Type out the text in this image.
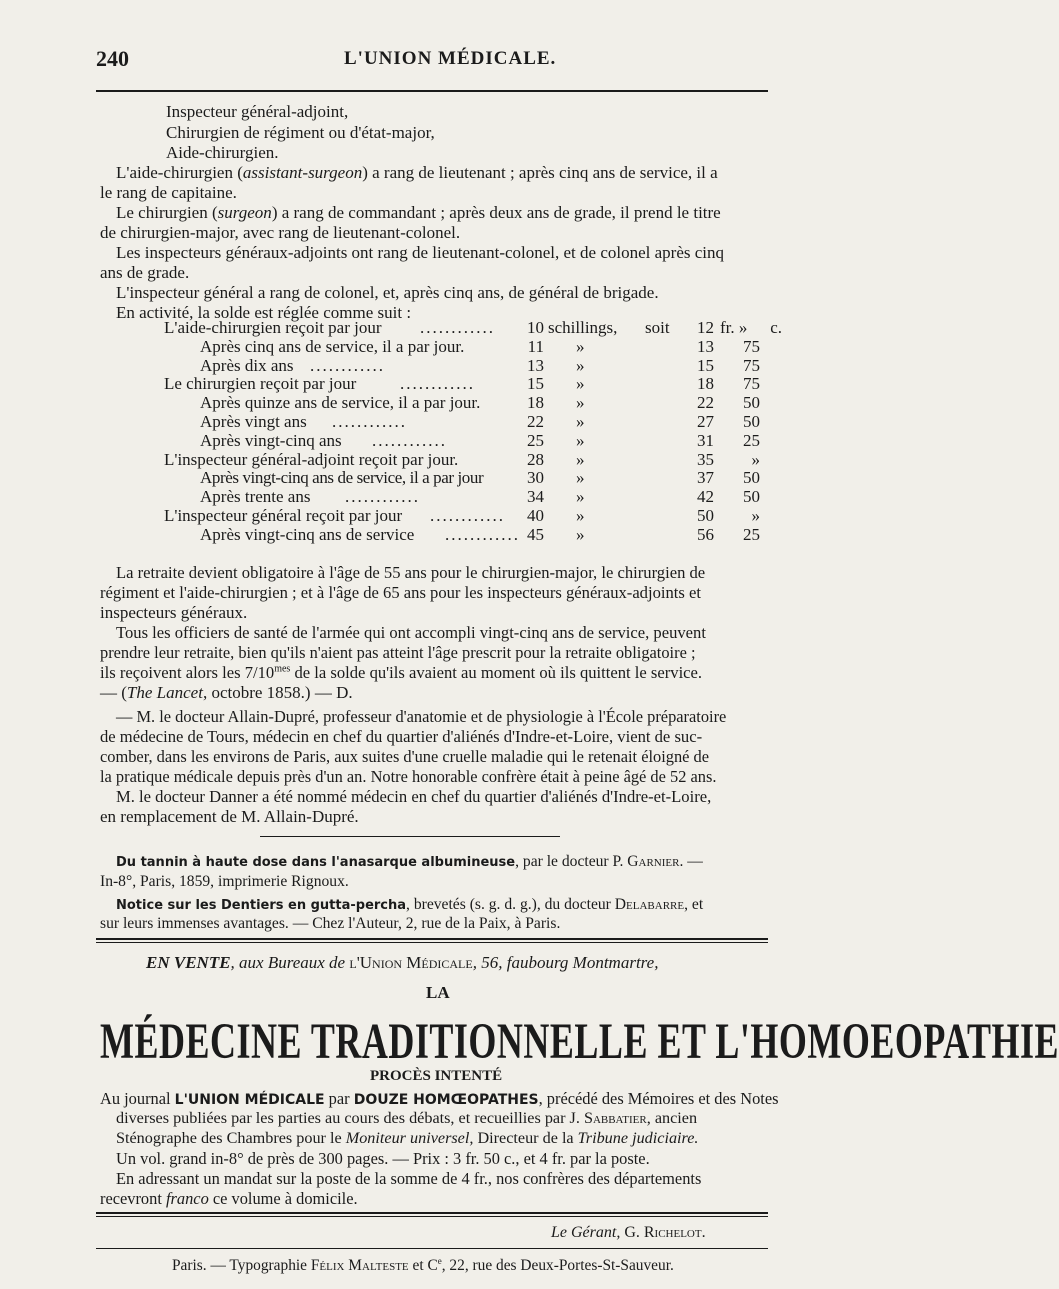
240	L'UNION MÉDICALE.
Inspecteur général-adjoint,
Chirurgien de régiment ou d'état-major,
Aide-chirurgien.
L'aide-chirurgien (assistant-surgeon) a rang de lieutenant ; après cinq ans de service, il a
le rang de capitaine.
Le chirurgien (surgeon) a rang de commandant ; après deux ans de grade, il prend le titre
de chirurgien-major, avec rang de lieutenant-colonel.
Les inspecteurs généraux-adjoints ont rang de lieutenant-colonel, et de colonel après cinq
ans de grade.
L'inspecteur général a rang de colonel, et, après cinq ans, de général de brigade.
En activité, la solde est réglée comme suit :
L'aide-chirurgien reçoit par jour ............	10 schillings, soit	12 fr. »	c.
Après cinq ans de service, il a par jour.	11 »	13 75
Après dix ans ............	13 »	15 75
Le chirurgien reçoit par jour	............	15 »	18 75
Après quinze ans de service, il a par jour.	18 »	22 50
Après vingt ans ............	22 »	27 50
Après vingt-cinq ans ............	25 »	31 25
L'inspecteur général-adjoint reçoit par jour.	28 »	35	»
Après vingt-cinq ans de service, il a par jour	30 »	37 50
Après trente ans ............	34 »	42 50
L'inspecteur général reçoit par jour ............	40 »	50	»
Après vingt-cinq ans de service ............ 45 »	56 25
La retraite devient obligatoire à l'âge de 55 ans pour le chirurgien-major, le chirurgien de
régiment et l'aide-chirurgien ; et à l'âge de 65 ans pour les inspecteurs généraux-adjoints et
inspecteurs généraux.
Tous les officiers de santé de l'armée qui ont accompli vingt-cinq ans de service, peuvent
prendre leur retraite, bien qu'ils n'aient pas atteint l'âge prescrit pour la retraite obligatoire ;
ils reçoivent alors les $7/10^{mes}$ de la solde qu'ils avaient au moment où ils quittent le service.
— (The Lancet, octobre 1858.) — D.
— M. le docteur Allain-Dupré, professeur d'anatomie et de physiologie à l'École préparatoire
de médecine de Tours, médecin en chef du quartier d'aliénés d'Indre-et-Loire, vient de suc-
comber, dans les environs de Paris, aux suites d'une cruelle maladie qui le retenait éloigné de
la pratique médicale depuis près d'un an. Notre honorable confrère était à peine âgé de 52 ans.
M. le docteur Danner a été nommé médecin en chef du quartier d'aliénés d'Indre-et-Loire,
en remplacement de M. Allain-Dupré.
Du tannin à haute dose dans l'anasarque albumineuse, par le docteur P. Garnier. —
In-8°, Paris, 1859, imprimerie Rignoux.
Notice sur les Dentiers en gutta-percha, brevetés (s. g. d. g.), du docteur Delabarre, et
sur leurs immenses avantages. — Chez l'Auteur, 2, rue de la Paix, à Paris.
EN VENTE, aux Bureaux de l'Union Médicale, 56, faubourg Montmartre,
LA
MÉDECINE TRADITIONNELLE ET L'HOMOEOPATHIE
PROCÈS INTENTÉ
Au journal L'UNION MÉDICALE par DOUZE HOMŒOPATHES, précédé des Mémoires et des Notes
diverses publiées par les parties au cours des débats, et recueillies par J. Sabbatier, ancien
Sténographe des Chambres pour le Moniteur universel, Directeur de la Tribune judiciaire.
Un vol. grand in-8° de près de 300 pages. — Prix : 3 fr. 50 c., et 4 fr. par la poste.
En adressant un mandat sur la poste de la somme de 4 fr., nos confrères des départements
recevront franco ce volume à domicile.
Le Gérant, G. Richelot.
Paris. — Typographie Félix Malteste et Ce, 22, rue des Deux-Portes-St-Sauveur.
